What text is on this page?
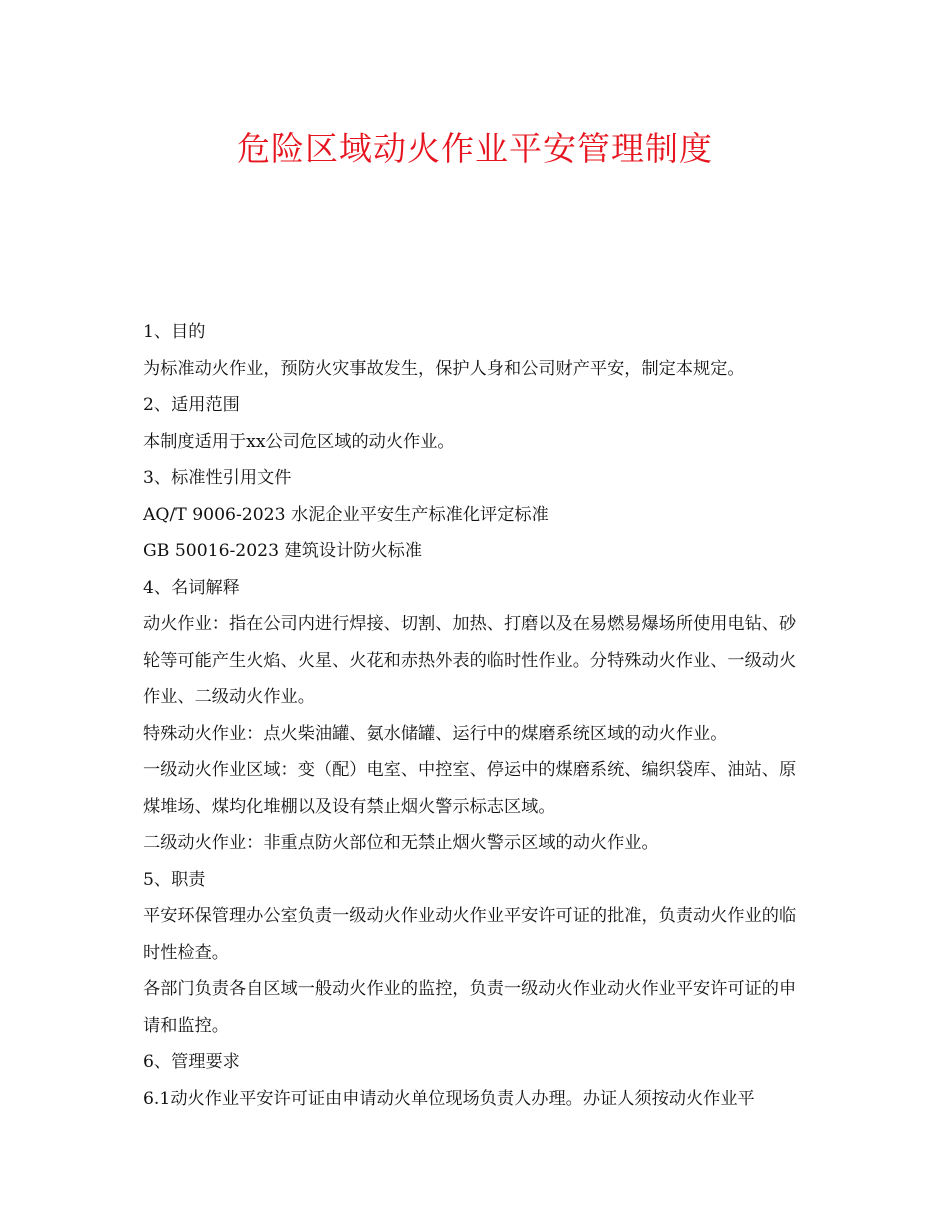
危险区域动火作业平安管理制度

1、目的

为标准动火作业，预防火灾事故发生，保护人身和公司财产平安，制定本规定。

2、适用范围

本制度适用于xx公司危区域的动火作业。

3、标准性引用文件

AQ/T 9006-2023 水泥企业平安生产标准化评定标准

GB 50016-2023 建筑设计防火标准

4、名词解释

动火作业：指在公司内进行焊接、切割、加热、打磨以及在易燃易爆场所使用电钻、砂轮等可能产生火焰、火星、火花和赤热外表的临时性作业。分特殊动火作业、一级动火作业、二级动火作业。

特殊动火作业：点火柴油罐、氨水储罐、运行中的煤磨系统区域的动火作业。

一级动火作业区域：变（配）电室、中控室、停运中的煤磨系统、编织袋库、油站、原煤堆场、煤均化堆棚以及设有禁止烟火警示标志区域。

二级动火作业：非重点防火部位和无禁止烟火警示区域的动火作业。

5、职责

平安环保管理办公室负责一级动火作业动火作业平安许可证的批准，负责动火作业的临时性检查。

各部门负责各自区域一般动火作业的监控，负责一级动火作业动火作业平安许可证的申请和监控。

6、管理要求

6.1动火作业平安许可证由申请动火单位现场负责人办理。办证人须按动火作业平
